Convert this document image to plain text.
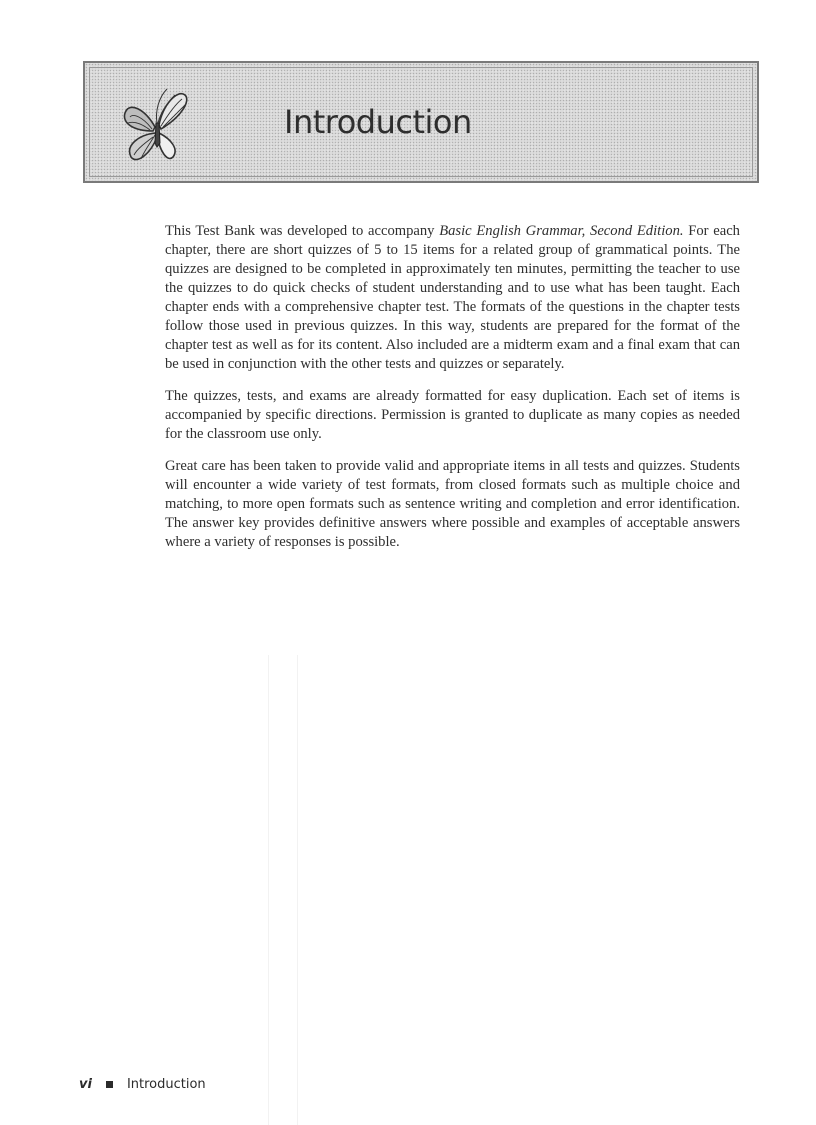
Introduction

This Test Bank was developed to accompany Basic English Grammar, Second Edition. For each chapter, there are short quizzes of 5 to 15 items for a related group of grammatical points. The quizzes are designed to be completed in approximately ten minutes, permitting the teacher to use the quizzes to do quick checks of student understanding and to use what has been taught. Each chapter ends with a comprehensive chapter test. The formats of the questions in the chapter tests follow those used in previous quizzes. In this way, students are prepared for the format of the chapter test as well as for its content. Also included are a midterm exam and a final exam that can be used in conjunction with the other tests and quizzes or separately.

The quizzes, tests, and exams are already formatted for easy duplication. Each set of items is accompanied by specific directions. Permission is granted to duplicate as many copies as needed for the classroom use only.

Great care has been taken to provide valid and appropriate items in all tests and quizzes. Students will encounter a wide variety of test formats, from closed formats such as multiple choice and matching, to more open formats such as sentence writing and completion and error identification. The answer key provides definitive answers where possible and examples of acceptable answers where a variety of responses is possible.

vi	Introduction
